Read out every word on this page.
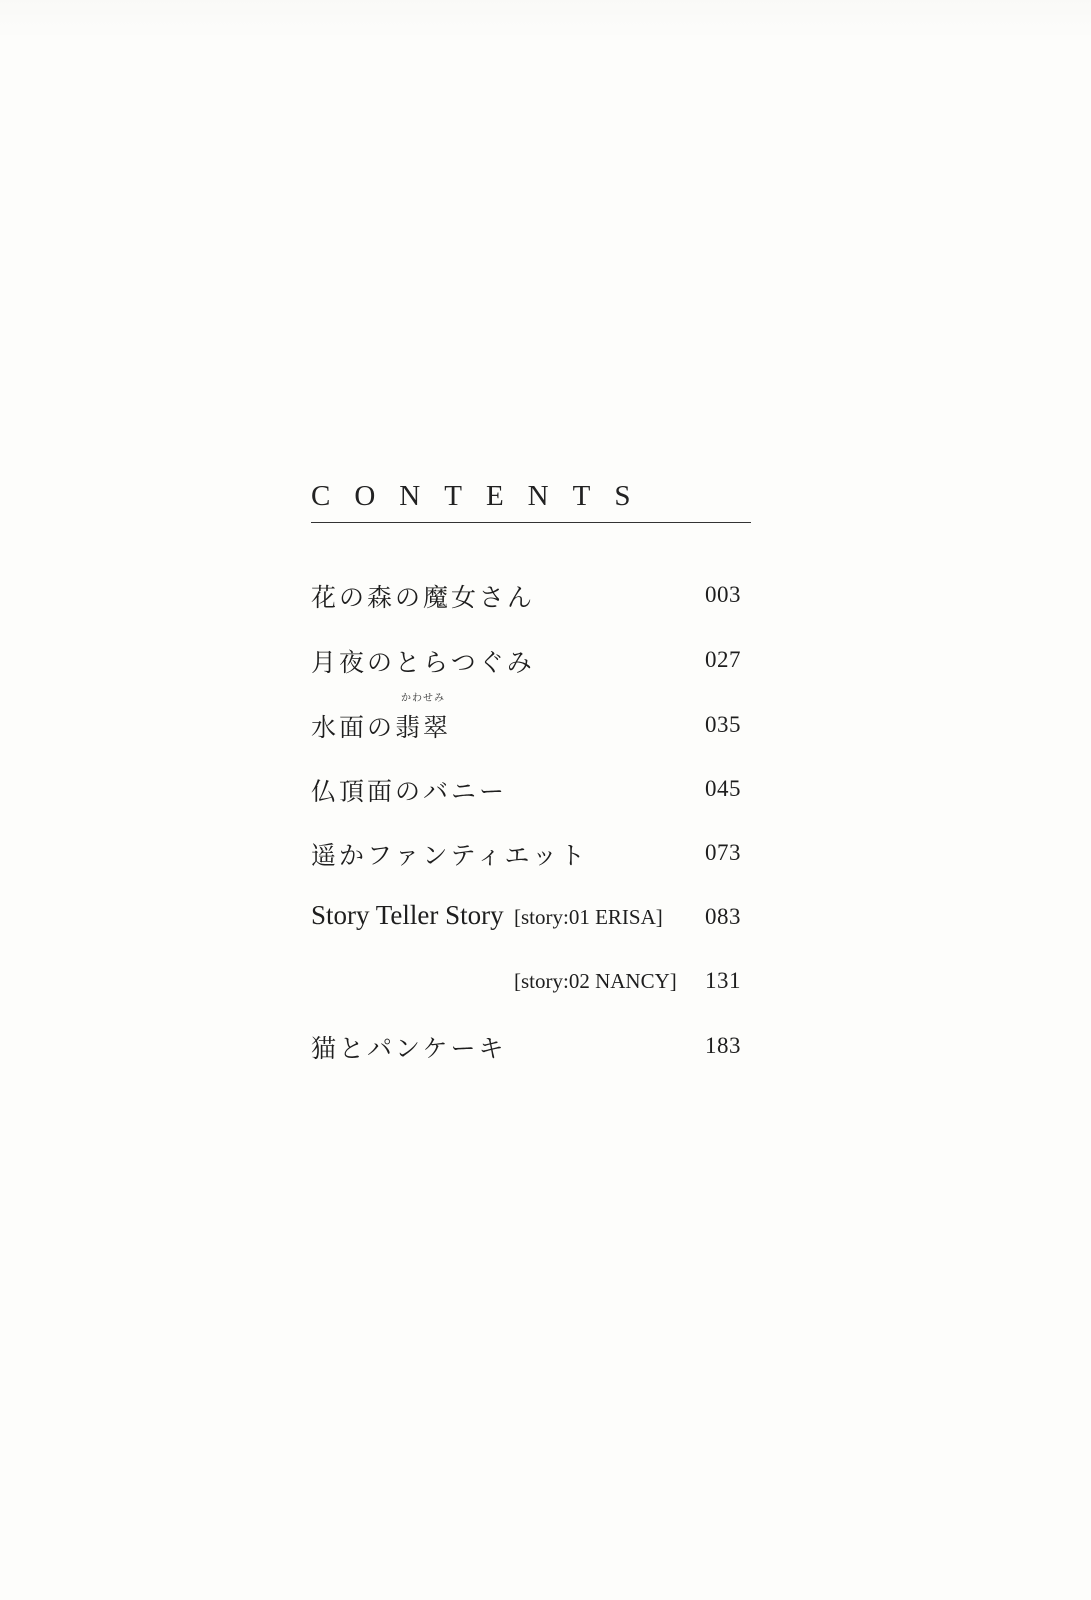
CONTENTS
花の森の魔女さん	003
月夜のとらつぐみ	027
水面の
かわせみ
翡翠	035
仏頂面のバニー	045
遥かファンティエット	073
Story Teller Story [story:01 ERISA] 083
[story:02 NANCY] 131
猫とパンケーキ	183
